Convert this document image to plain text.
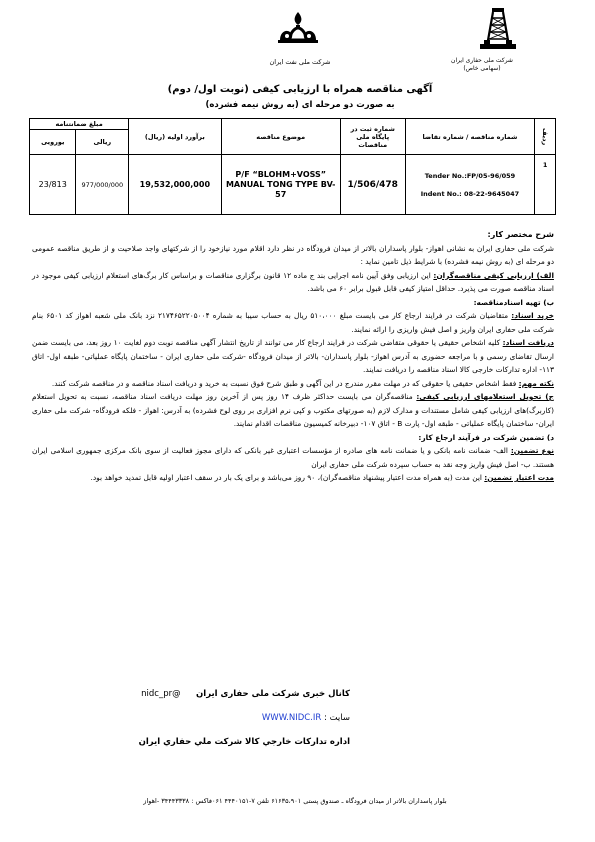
شرکت ملی نفت ایران	شرکت ملی حفاری ایران
(سهامی خاص)
آگهی مناقصه همراه با ارزیابی کیفی (نوبت اول/ دوم)
به صورت دو مرحله ای (به روش نیمه فشرده)
ردیف	شماره مناقصه / شماره تقاضا	شماره ثبت در پایگاه ملی مناقصات	موضوع مناقصه	برآورد اولیه (ریال)	مبلغ ضمانتنامه	
					ریالی	یورویی
1	Tender No.:FP/05-96/059
Indent No.: 08-22-9645047	1/506/478	P/F “BLOHM+VOSS” MANUAL TONG TYPE BV-57	19,532,000,000	977/000/000	23/813

شرح مختصر کار:

شرکت ملی حفاری ایران به نشانی اهواز- بلوار پاسداران بالاتر از میدان فرودگاه در نظر دارد اقلام مورد نیازخود را از شرکتهای واجد صلاحیت و از طریق مناقصه عمومی دو مرحله ای (به روش نیمه فشرده) با شرایط ذیل تامین نماید :

الف) ارزیابی کیفی مناقصه‌گران: این ارزیابی وفق آیین نامه اجرایی بند ج ماده ۱۲ قانون برگزاری مناقصات و براساس کار برگ‌های استعلام ارزیابی کیفی موجود در اسناد مناقصه صورت می پذیرد. حداقل امتیاز کیفی قابل قبول برابر ۶۰ می باشد.

ب) تهیه اسنادمناقصه:

خرید اسناد: متقاضیان شرکت در فرایند ارجاع کار می بایست مبلغ ۵۱۰،۰۰۰ ریال به حساب سیبا به شماره ۲۱۷۴۶۵۲۲۰۵۰۰۴ نزد بانک ملی شعبه اهواز کد ۶۵۰۱ بنام شرکت ملی حفاری ایران واریز و اصل فیش واریزی را ارائه نمایند.

دریافت اسناد: کلیه اشخاص حقیقی یا حقوقی متقاضی شرکت در فرایند ارجاع کار می توانند از تاریخ انتشار آگهی مناقصه نوبت دوم لغایت ۱۰ روز بعد، می بایست ضمن ارسال تقاضای رسمی و با مراجعه حضوری به آدرس اهواز- بلوار پاسداران- بالاتر از میدان فرودگاه -شرکت ملی حفاری ایران - ساختمان پایگاه عملیاتی- طبقه اول- اتاق ۱۱۳- اداره تدارکات خارجی کالا اسناد مناقصه را دریافت نمایند.

نکته مهم: فقط اشخاص حقیقی یا حقوقی که در مهلت مقرر مندرج در این آگهی و طبق شرح فوق نسبت به خرید و دریافت اسناد مناقصه و در مناقصه شرکت کنند.

ج) تحویل استعلامهای ارزیابی کیفی: مناقصه‌گران می بایست حداکثر ظرف ۱۴ روز پس از آخرین روز مهلت دریافت اسناد مناقصه، نسبت به تحویل استعلام (کاربرگ)های ارزیابی کیفی شامل مستندات و مدارک لازم (به صورتهای مکتوب و کپی نرم افزاری بر روی لوح فشرده) به آدرس: اهواز - فلکه فرودگاه- شرکت ملی حفاری ایران- ساختمان پایگاه عملیاتی - طبقه اول- پارت B - اتاق ۱۰۷- دبیرخانه کمیسیون مناقصات اقدام نمایند.

د) تضمین شرکت در فرآیند ارجاع کار:

نوع تضمین: الف- ضمانت نامه بانکی و یا ضمانت نامه های صادره از مؤسسات اعتباری غیر بانکی که دارای مجوز فعالیت از سوی بانک مرکزی جمهوری اسلامی ایران هستند. ب- اصل فیش واریز وجه نقد به حساب سپرده شرکت ملی حفاری ایران

مدت اعتبار تضمین: این مدت (به همراه مدت اعتبار پیشنهاد مناقصه‌گران)، ۹۰ روز می‌باشد و برای یک بار در سقف اعتبار اولیه قابل تمدید خواهد بود.

کانال خبری شرکت ملی حفاری ایران  @nidc_pr
سایت : WWW.NIDC.IR
اداره تدارکات خارجي کالا شرکت ملي حفاري ايران
بلوار پاسداران بالاتر از میدان فرودگاه ـ صندوق پستی ۶۱۶۳۵،۹۰۱ تلفن ۷-۴۴۴۰۱۵۱ ۰۶۱فاکس : ۳۴۴۴۳۳۳۸ -اهواز
